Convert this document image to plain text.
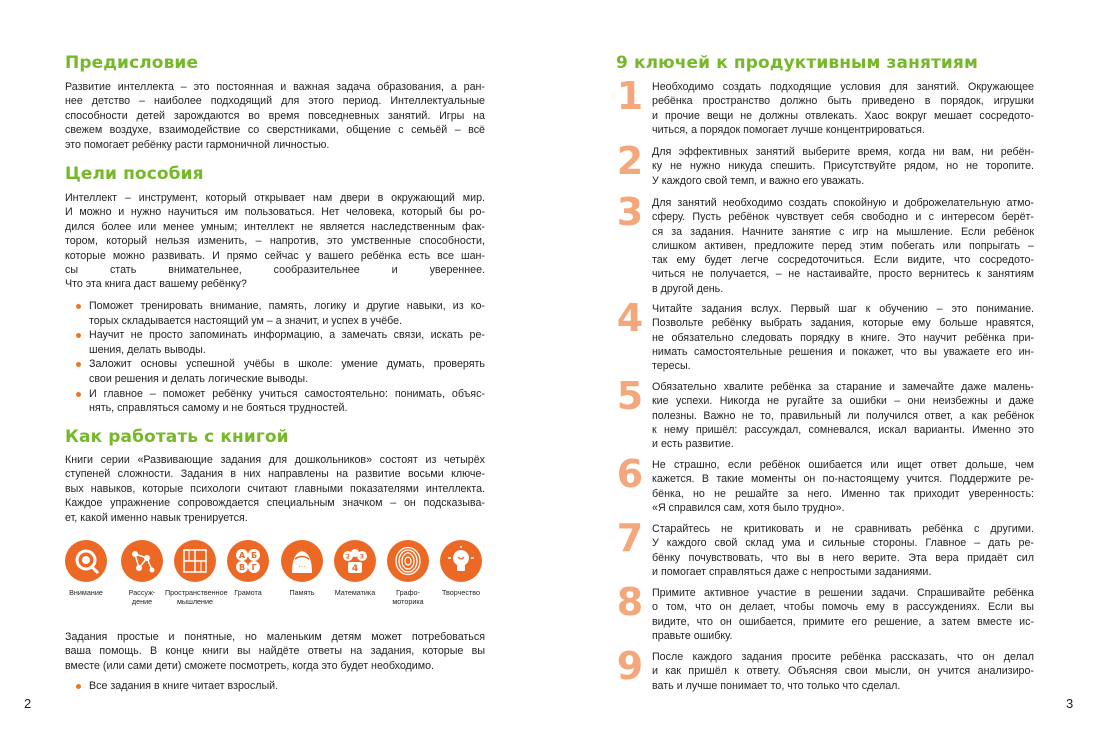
Предисловие
Развитие интеллекта – это постоянная и важная задача образования, а ран-
нее детство – наиболее подходящий для этого период. Интеллектуальные
способности детей зарождаются во время повседневных занятий. Игры на
свежем воздухе, взаимодействие со сверстниками, общение с семьёй – всё
это помогает ребёнку расти гармоничной личностью.
Цели пособия
Интеллект – инструмент, который открывает нам двери в окружающий мир.
И можно и нужно научиться им пользоваться. Нет человека, который бы ро-
дился более или менее умным; интеллект не является наследственным фак-
тором, который нельзя изменить, – напротив, это умственные способности,
которые можно развивать. И прямо сейчас у вашего ребёнка есть все шан-
сы стать внимательнее, сообразительнее и увереннее.
Что эта книга даст вашему ребёнку?
Поможет тренировать внимание, память, логику и другие навыки, из ко-
торых складывается настоящий ум – а значит, и успех в учёбе.
Научит не просто запоминать информацию, а замечать связи, искать ре-
шения, делать выводы.
Заложит основы успешной учёбы в школе: умение думать, проверять
свои решения и делать логические выводы.
И главное – поможет ребёнку учиться самостоятельно: понимать, объяс-
нять, справляться самому и не бояться трудностей.
Как работать с книгой
Книги серии «Развивающие задания для дошкольников» состоят из четырёх
ступеней сложности. Задания в них направлены на развитие восьми ключе-
вых навыков, которые психологи считают главными показателями интеллекта.
Каждое упражнение сопровождается специальным значком – он подсказыва-
ет, какой именно навык тренируется.
Внимание	Рассуж-
дение
Пространственное
мышление
А Б
В Г
Грамота
…
Память
4
2 3
Математика	Графо-
моторика
Творчество
Задания простые и понятные, но маленьким детям может потребоваться
ваша помощь. В конце книги вы найдёте ответы на задания, которые вы
вместе (или сами дети) сможете посмотреть, когда это будет необходимо.
Все задания в книге читает взрослый.
2
9 ключей к продуктивным занятиям
1 Необходимо создать подходящие условия для занятий. Окружающее
ребёнка пространство должно быть приведено в порядок, игрушки
и прочие вещи не должны отвлекать. Хаос вокруг мешает сосредото-
читься, а порядок помогает лучше концентрироваться.
2 Для эффективных занятий выберите время, когда ни вам, ни ребён-
ку не нужно никуда спешить. Присутствуйте рядом, но не торопите.
У каждого свой темп, и важно его уважать.
3 Для занятий необходимо создать спокойную и доброжелательную атмо-
сферу. Пусть ребёнок чувствует себя свободно и с интересом берёт-
ся за задания. Начните занятие с игр на мышление. Если ребёнок
слишком активен, предложите перед этим побегать или попрыгать –
так ему будет легче сосредоточиться. Если видите, что сосредото-
читься не получается, – не настаивайте, просто вернитесь к занятиям
в другой день.
4 Читайте задания вслух. Первый шаг к обучению – это понимание.
Позвольте ребёнку выбрать задания, которые ему больше нравятся,
не обязательно следовать порядку в книге. Это научит ребёнка при-
нимать самостоятельные решения и покажет, что вы уважаете его ин-
тересы.
5 Обязательно хвалите ребёнка за старание и замечайте даже малень-
кие успехи. Никогда не ругайте за ошибки – они неизбежны и даже
полезны. Важно не то, правильный ли получился ответ, а как ребёнок
к нему пришёл: рассуждал, сомневался, искал варианты. Именно это
и есть развитие.
6 Не страшно, если ребёнок ошибается или ищет ответ дольше, чем
кажется. В такие моменты он по-настоящему учится. Поддержите ре-
бёнка, но не решайте за него. Именно так приходит уверенность:
«Я справился сам, хотя было трудно».
7 Старайтесь не критиковать и не сравнивать ребёнка с другими.
У каждого свой склад ума и сильные стороны. Главное – дать ре-
бёнку почувствовать, что вы в него верите. Эта вера придаёт сил
и помогает справляться даже с непростыми заданиями.
8 Примите активное участие в решении задачи. Спрашивайте ребёнка
о том, что он делает, чтобы помочь ему в рассуждениях. Если вы
видите, что он ошибается, примите его решение, а затем вместе ис-
правьте ошибку.
9 После каждого задания просите ребёнка рассказать, что он делал
и как пришёл к ответу. Объясняя свои мысли, он учится анализиро-
вать и лучше понимает то, что только что сделал.
3
